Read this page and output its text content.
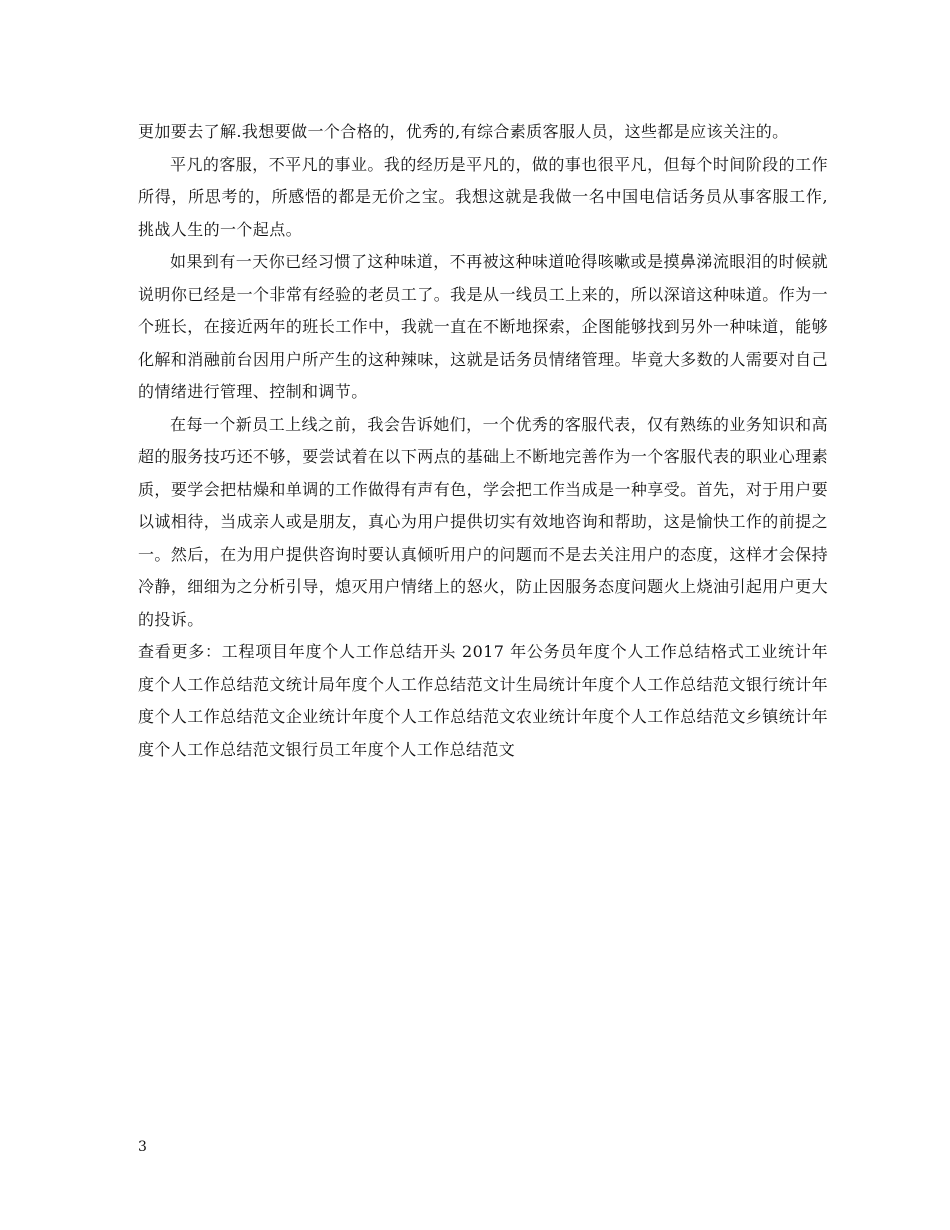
更加要去了解.我想要做一个合格的，优秀的,有综合素质客服人员，这些都是应该关注的。

平凡的客服，不平凡的事业。我的经历是平凡的，做的事也很平凡，但每个时间阶段的工作所得，所思考的，所感悟的都是无价之宝。我想这就是我做一名中国电信话务员从事客服工作,挑战人生的一个起点。

如果到有一天你已经习惯了这种味道，不再被这种味道呛得咳嗽或是摸鼻涕流眼泪的时候就说明你已经是一个非常有经验的老员工了。我是从一线员工上来的，所以深谙这种味道。作为一个班长，在接近两年的班长工作中，我就一直在不断地探索，企图能够找到另外一种味道，能够化解和消融前台因用户所产生的这种辣味，这就是话务员情绪管理。毕竟大多数的人需要对自己的情绪进行管理、控制和调节。

在每一个新员工上线之前，我会告诉她们，一个优秀的客服代表，仅有熟练的业务知识和高超的服务技巧还不够，要尝试着在以下两点的基础上不断地完善作为一个客服代表的职业心理素质，要学会把枯燥和单调的工作做得有声有色，学会把工作当成是一种享受。首先，对于用户要以诚相待，当成亲人或是朋友，真心为用户提供切实有效地咨询和帮助，这是愉快工作的前提之一。然后，在为用户提供咨询时要认真倾听用户的问题而不是去关注用户的态度，这样才会保持冷静，细细为之分析引导，熄灭用户情绪上的怒火，防止因服务态度问题火上烧油引起用户更大的投诉。

查看更多：工程项目年度个人工作总结开头 2017 年公务员年度个人工作总结格式工业统计年度个人工作总结范文统计局年度个人工作总结范文计生局统计年度个人工作总结范文银行统计年度个人工作总结范文企业统计年度个人工作总结范文农业统计年度个人工作总结范文乡镇统计年度个人工作总结范文银行员工年度个人工作总结范文

3
